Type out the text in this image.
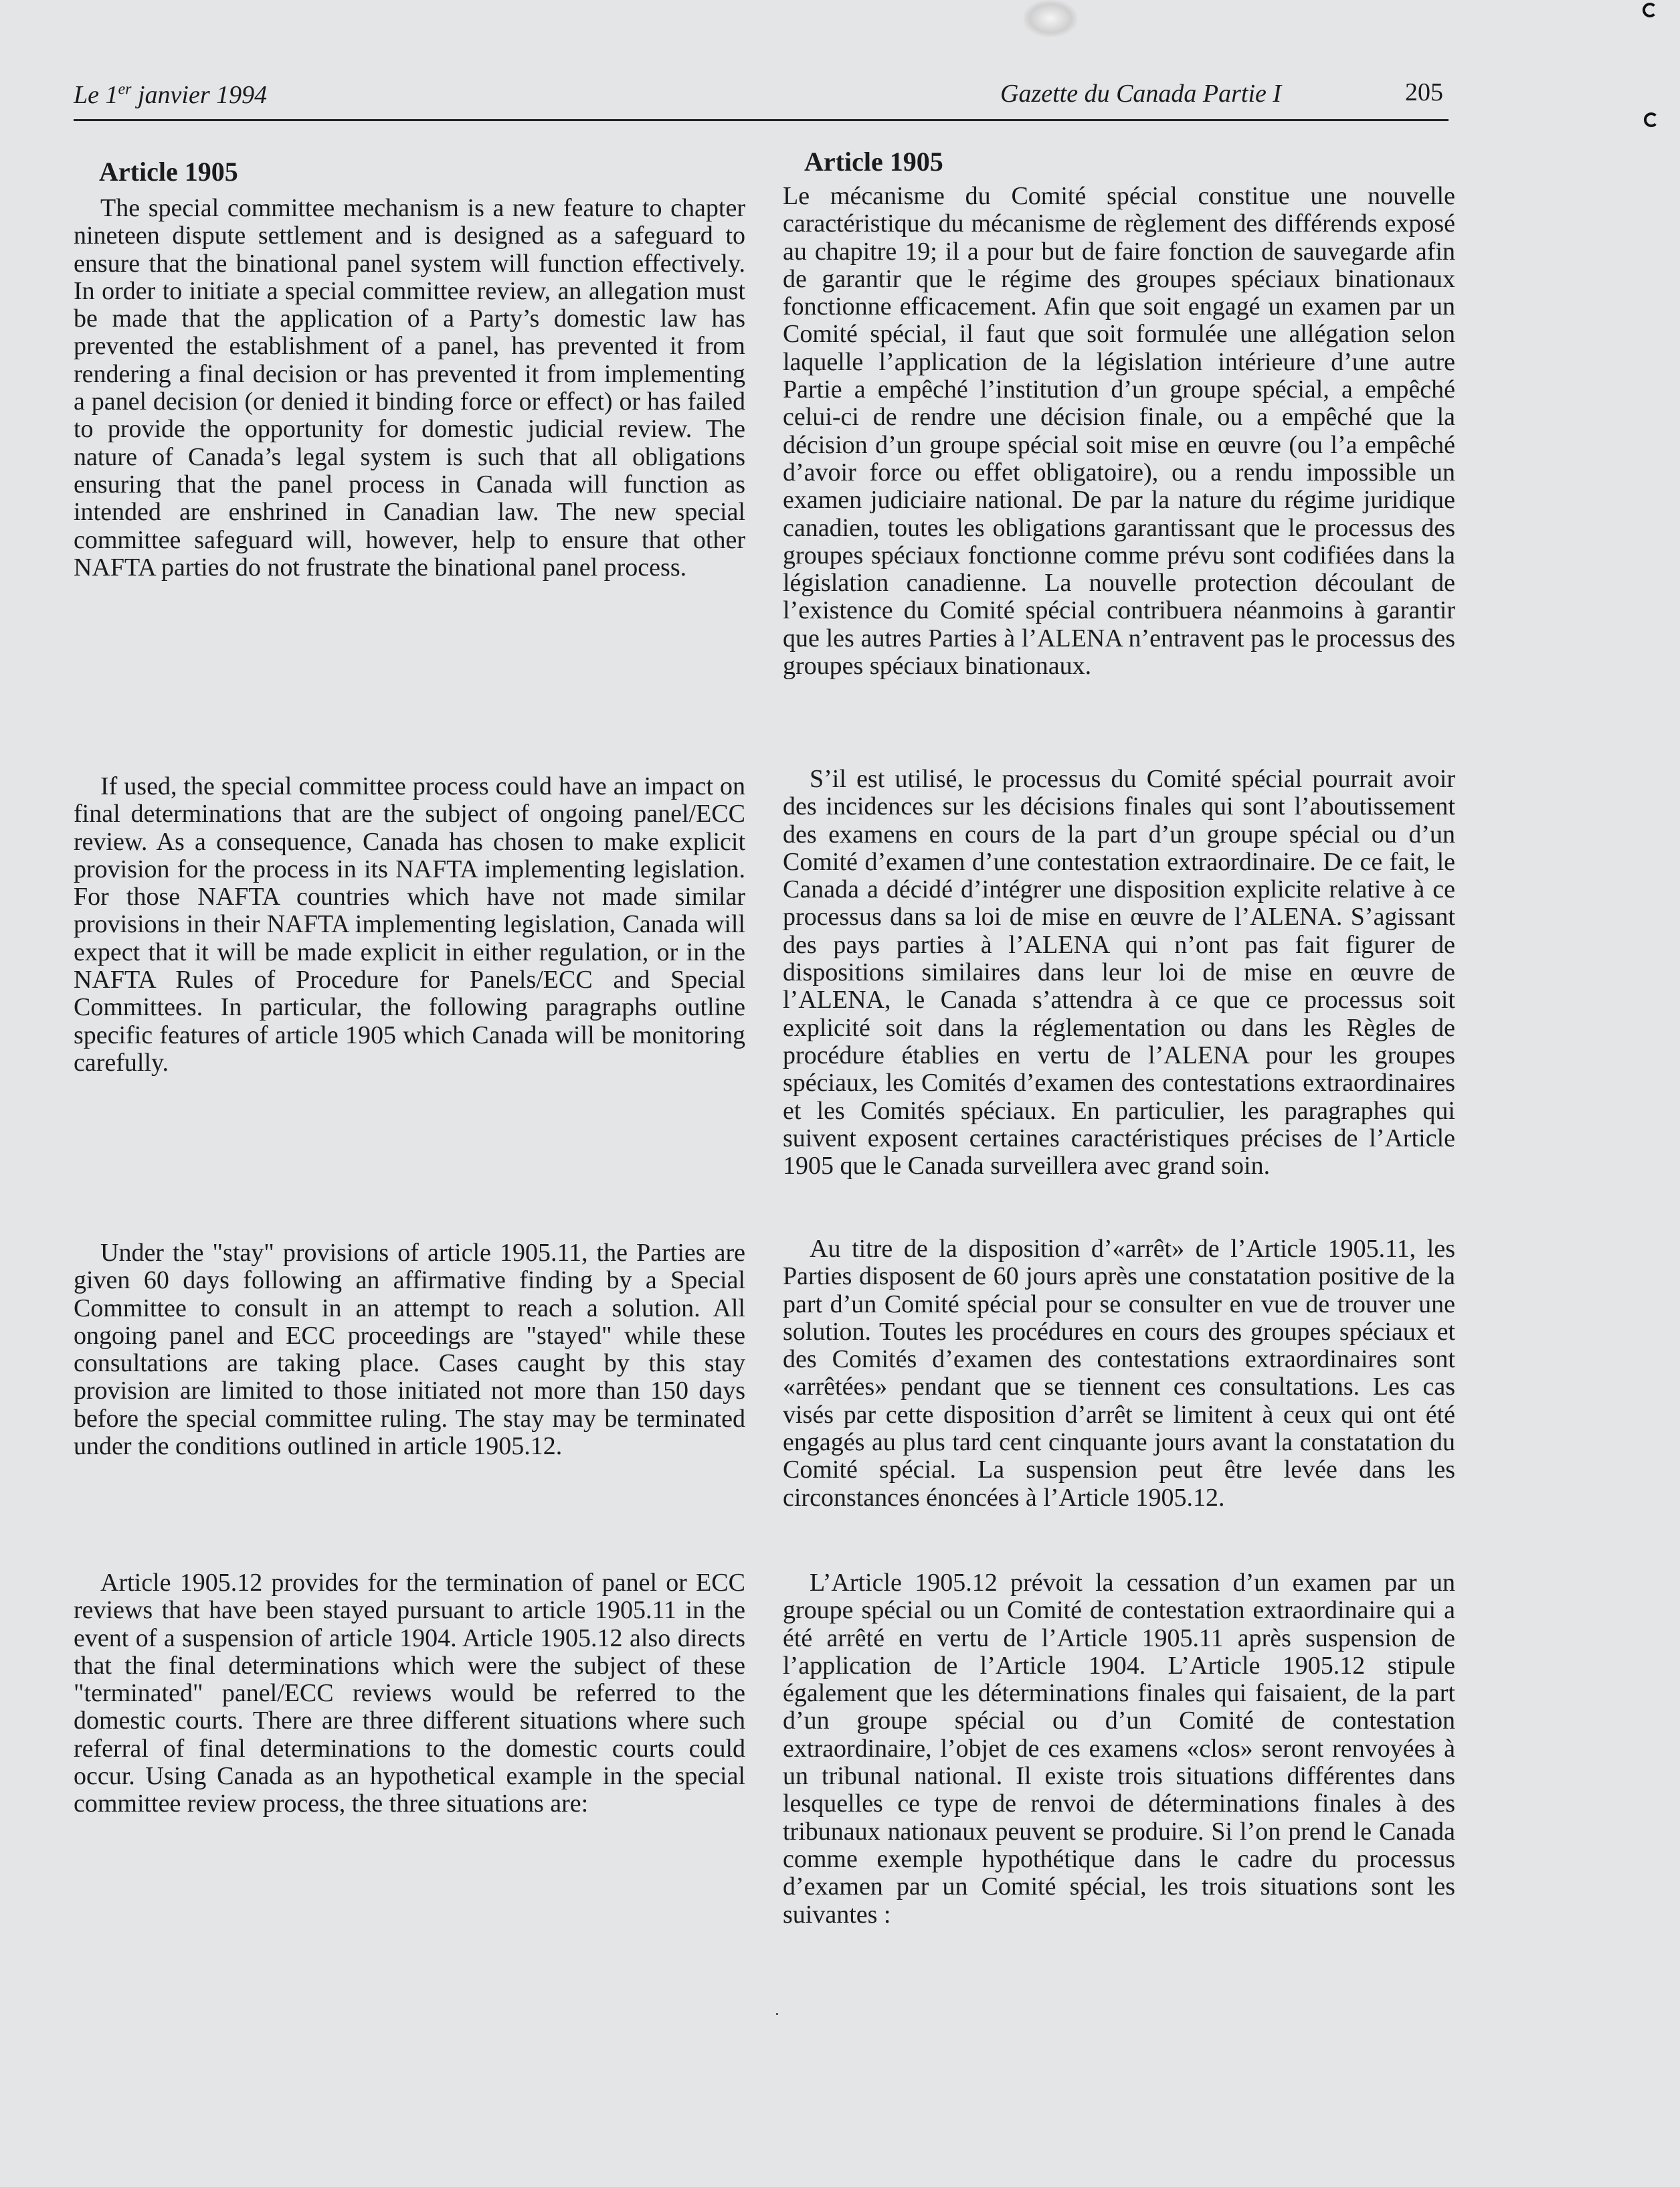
Le 1er janvier 1994	Gazette du Canada Partie I	205
Article 1905

The special committee mechanism is a new feature to chapter nineteen dispute settlement and is designed as a safeguard to ensure that the binational panel system will function effectively. In order to initiate a special committee review, an allegation must be made that the application of a Party’s domestic law has prevented the establishment of a panel, has prevented it from rendering a final decision or has prevented it from implementing a panel decision (or denied it binding force or effect) or has failed to provide the opportunity for domestic judicial review. The nature of Canada’s legal system is such that all obligations ensuring that the panel process in Canada will function as intended are enshrined in Canadian law. The new special committee safeguard will, however, help to ensure that other NAFTA parties do not frustrate the binational panel process.

If used, the special committee process could have an impact on final determinations that are the subject of ongoing panel/ECC review. As a consequence, Canada has chosen to make explicit provision for the process in its NAFTA implementing legislation. For those NAFTA countries which have not made similar provisions in their NAFTA implementing legislation, Canada will expect that it will be made explicit in either regulation, or in the NAFTA Rules of Procedure for Panels/ECC and Special Committees. In particular, the following paragraphs outline specific features of article 1905 which Canada will be monitoring carefully.

Under the "stay" provisions of article 1905.11, the Parties are given 60 days following an affirmative finding by a Special Committee to consult in an attempt to reach a solution. All ongoing panel and ECC proceedings are "stayed" while these consultations are taking place. Cases caught by this stay provision are limited to those initiated not more than 150 days before the special committee ruling. The stay may be terminated under the conditions outlined in article 1905.12.

Article 1905.12 provides for the termination of panel or ECC reviews that have been stayed pursuant to article 1905.11 in the event of a suspension of article 1904. Article 1905.12 also directs that the final determinations which were the subject of these "terminated" panel/ECC reviews would be referred to the domestic courts. There are three different situations where such referral of final determinations to the domestic courts could occur. Using Canada as an hypothetical example in the special committee review process, the three situations are:

Article 1905

Le mécanisme du Comité spécial constitue une nouvelle caractéristique du mécanisme de règlement des différends exposé au chapitre 19; il a pour but de faire fonction de sauvegarde afin de garantir que le régime des groupes spéciaux binationaux fonctionne efficacement. Afin que soit engagé un examen par un Comité spécial, il faut que soit formulée une allégation selon laquelle l’application de la législation intérieure d’une autre Partie a empêché l’institution d’un groupe spécial, a empêché celui-ci de rendre une décision finale, ou a empêché que la décision d’un groupe spécial soit mise en œuvre (ou l’a empêché d’avoir force ou effet obligatoire), ou a rendu impossible un examen judiciaire national. De par la nature du régime juridique canadien, toutes les obligations garantissant que le processus des groupes spéciaux fonctionne comme prévu sont codifiées dans la législation canadienne. La nouvelle protection découlant de l’existence du Comité spécial contribuera néanmoins à garantir que les autres Parties à l’ALENA n’entravent pas le processus des groupes spéciaux binationaux.

S’il est utilisé, le processus du Comité spécial pourrait avoir des incidences sur les décisions finales qui sont l’aboutissement des examens en cours de la part d’un groupe spécial ou d’un Comité d’examen d’une contestation extraordinaire. De ce fait, le Canada a décidé d’intégrer une disposition explicite relative à ce processus dans sa loi de mise en œuvre de l’ALENA. S’agissant des pays parties à l’ALENA qui n’ont pas fait figurer de dispositions similaires dans leur loi de mise en œuvre de l’ALENA, le Canada s’attendra à ce que ce processus soit explicité soit dans la réglementation ou dans les Règles de procédure établies en vertu de l’ALENA pour les groupes spéciaux, les Comités d’examen des contestations extraordinaires et les Comités spéciaux. En particulier, les paragraphes qui suivent exposent certaines caractéristiques précises de l’Article 1905 que le Canada surveillera avec grand soin.

Au titre de la disposition d’«arrêt» de l’Article 1905.11, les Parties disposent de 60 jours après une constatation positive de la part d’un Comité spécial pour se consulter en vue de trouver une solution. Toutes les procédures en cours des groupes spéciaux et des Comités d’examen des contestations extraordinaires sont «arrêtées» pendant que se tiennent ces consultations. Les cas visés par cette disposition d’arrêt se limitent à ceux qui ont été engagés au plus tard cent cinquante jours avant la constatation du Comité spécial. La suspension peut être levée dans les circonstances énoncées à l’Article 1905.12.

L’Article 1905.12 prévoit la cessation d’un examen par un groupe spécial ou un Comité de contestation extraordinaire qui a été arrêté en vertu de l’Article 1905.11 après suspension de l’application de l’Article 1904. L’Article 1905.12 stipule également que les déterminations finales qui faisaient, de la part d’un groupe spécial ou d’un Comité de contestation extraordinaire, l’objet de ces examens «clos» seront renvoyées à un tribunal national. Il existe trois situations différentes dans lesquelles ce type de renvoi de déterminations finales à des tribunaux nationaux peuvent se produire. Si l’on prend le Canada comme exemple hypothétique dans le cadre du processus d’examen par un Comité spécial, les trois situations sont les suivantes :
